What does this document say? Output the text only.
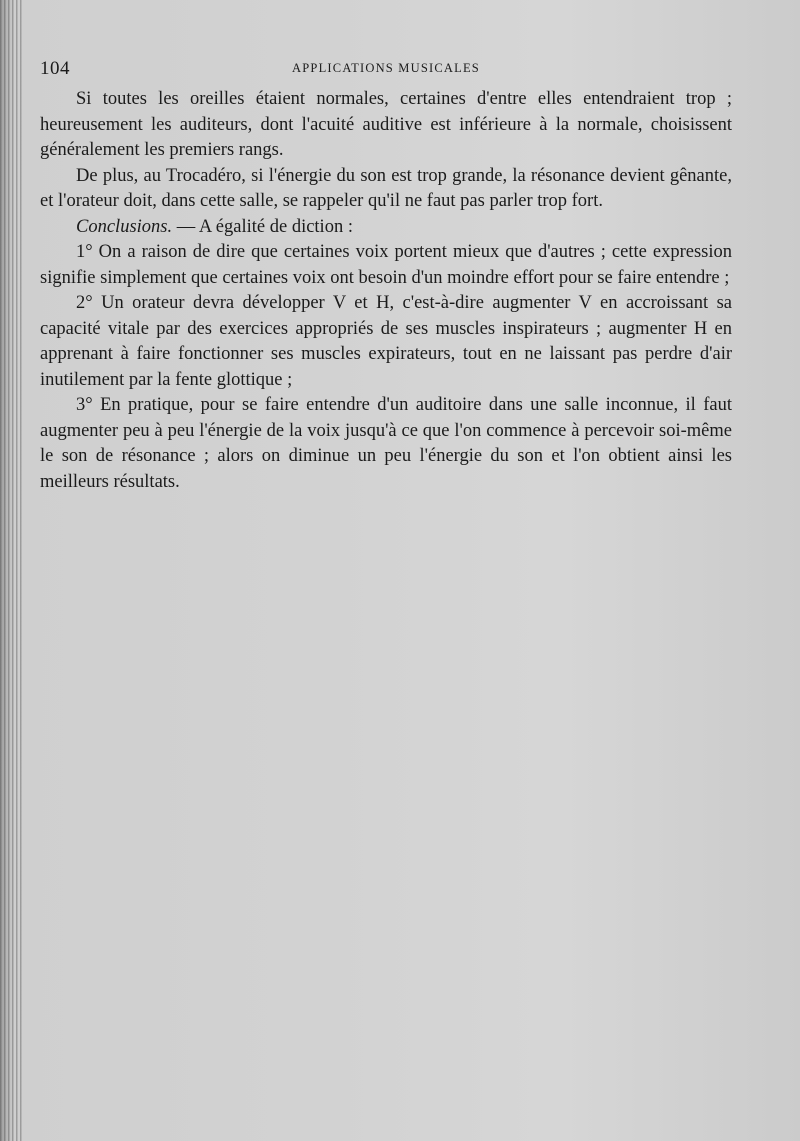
104	APPLICATIONS MUSICALES

Si toutes les oreilles étaient normales, certaines d'entre elles entendraient trop ; heureusement les auditeurs, dont l'acuité auditive est inférieure à la normale, choisissent généralement les premiers rangs.

De plus, au Trocadéro, si l'énergie du son est trop grande, la résonance devient gênante, et l'orateur doit, dans cette salle, se rappeler qu'il ne faut pas parler trop fort.

Conclusions. — A égalité de diction :

1° On a raison de dire que certaines voix portent mieux que d'autres ; cette expression signifie simplement que certaines voix ont besoin d'un moindre effort pour se faire entendre ;

2° Un orateur devra développer V et H, c'est-à-dire augmenter V en accroissant sa capacité vitale par des exercices appropriés de ses muscles inspirateurs ; augmenter H en apprenant à faire fonctionner ses muscles expirateurs, tout en ne laissant pas perdre d'air inutilement par la fente glottique ;

3° En pratique, pour se faire entendre d'un auditoire dans une salle inconnue, il faut augmenter peu à peu l'énergie de la voix jusqu'à ce que l'on commence à percevoir soi-même le son de résonance ; alors on diminue un peu l'énergie du son et l'on obtient ainsi les meilleurs résultats.
